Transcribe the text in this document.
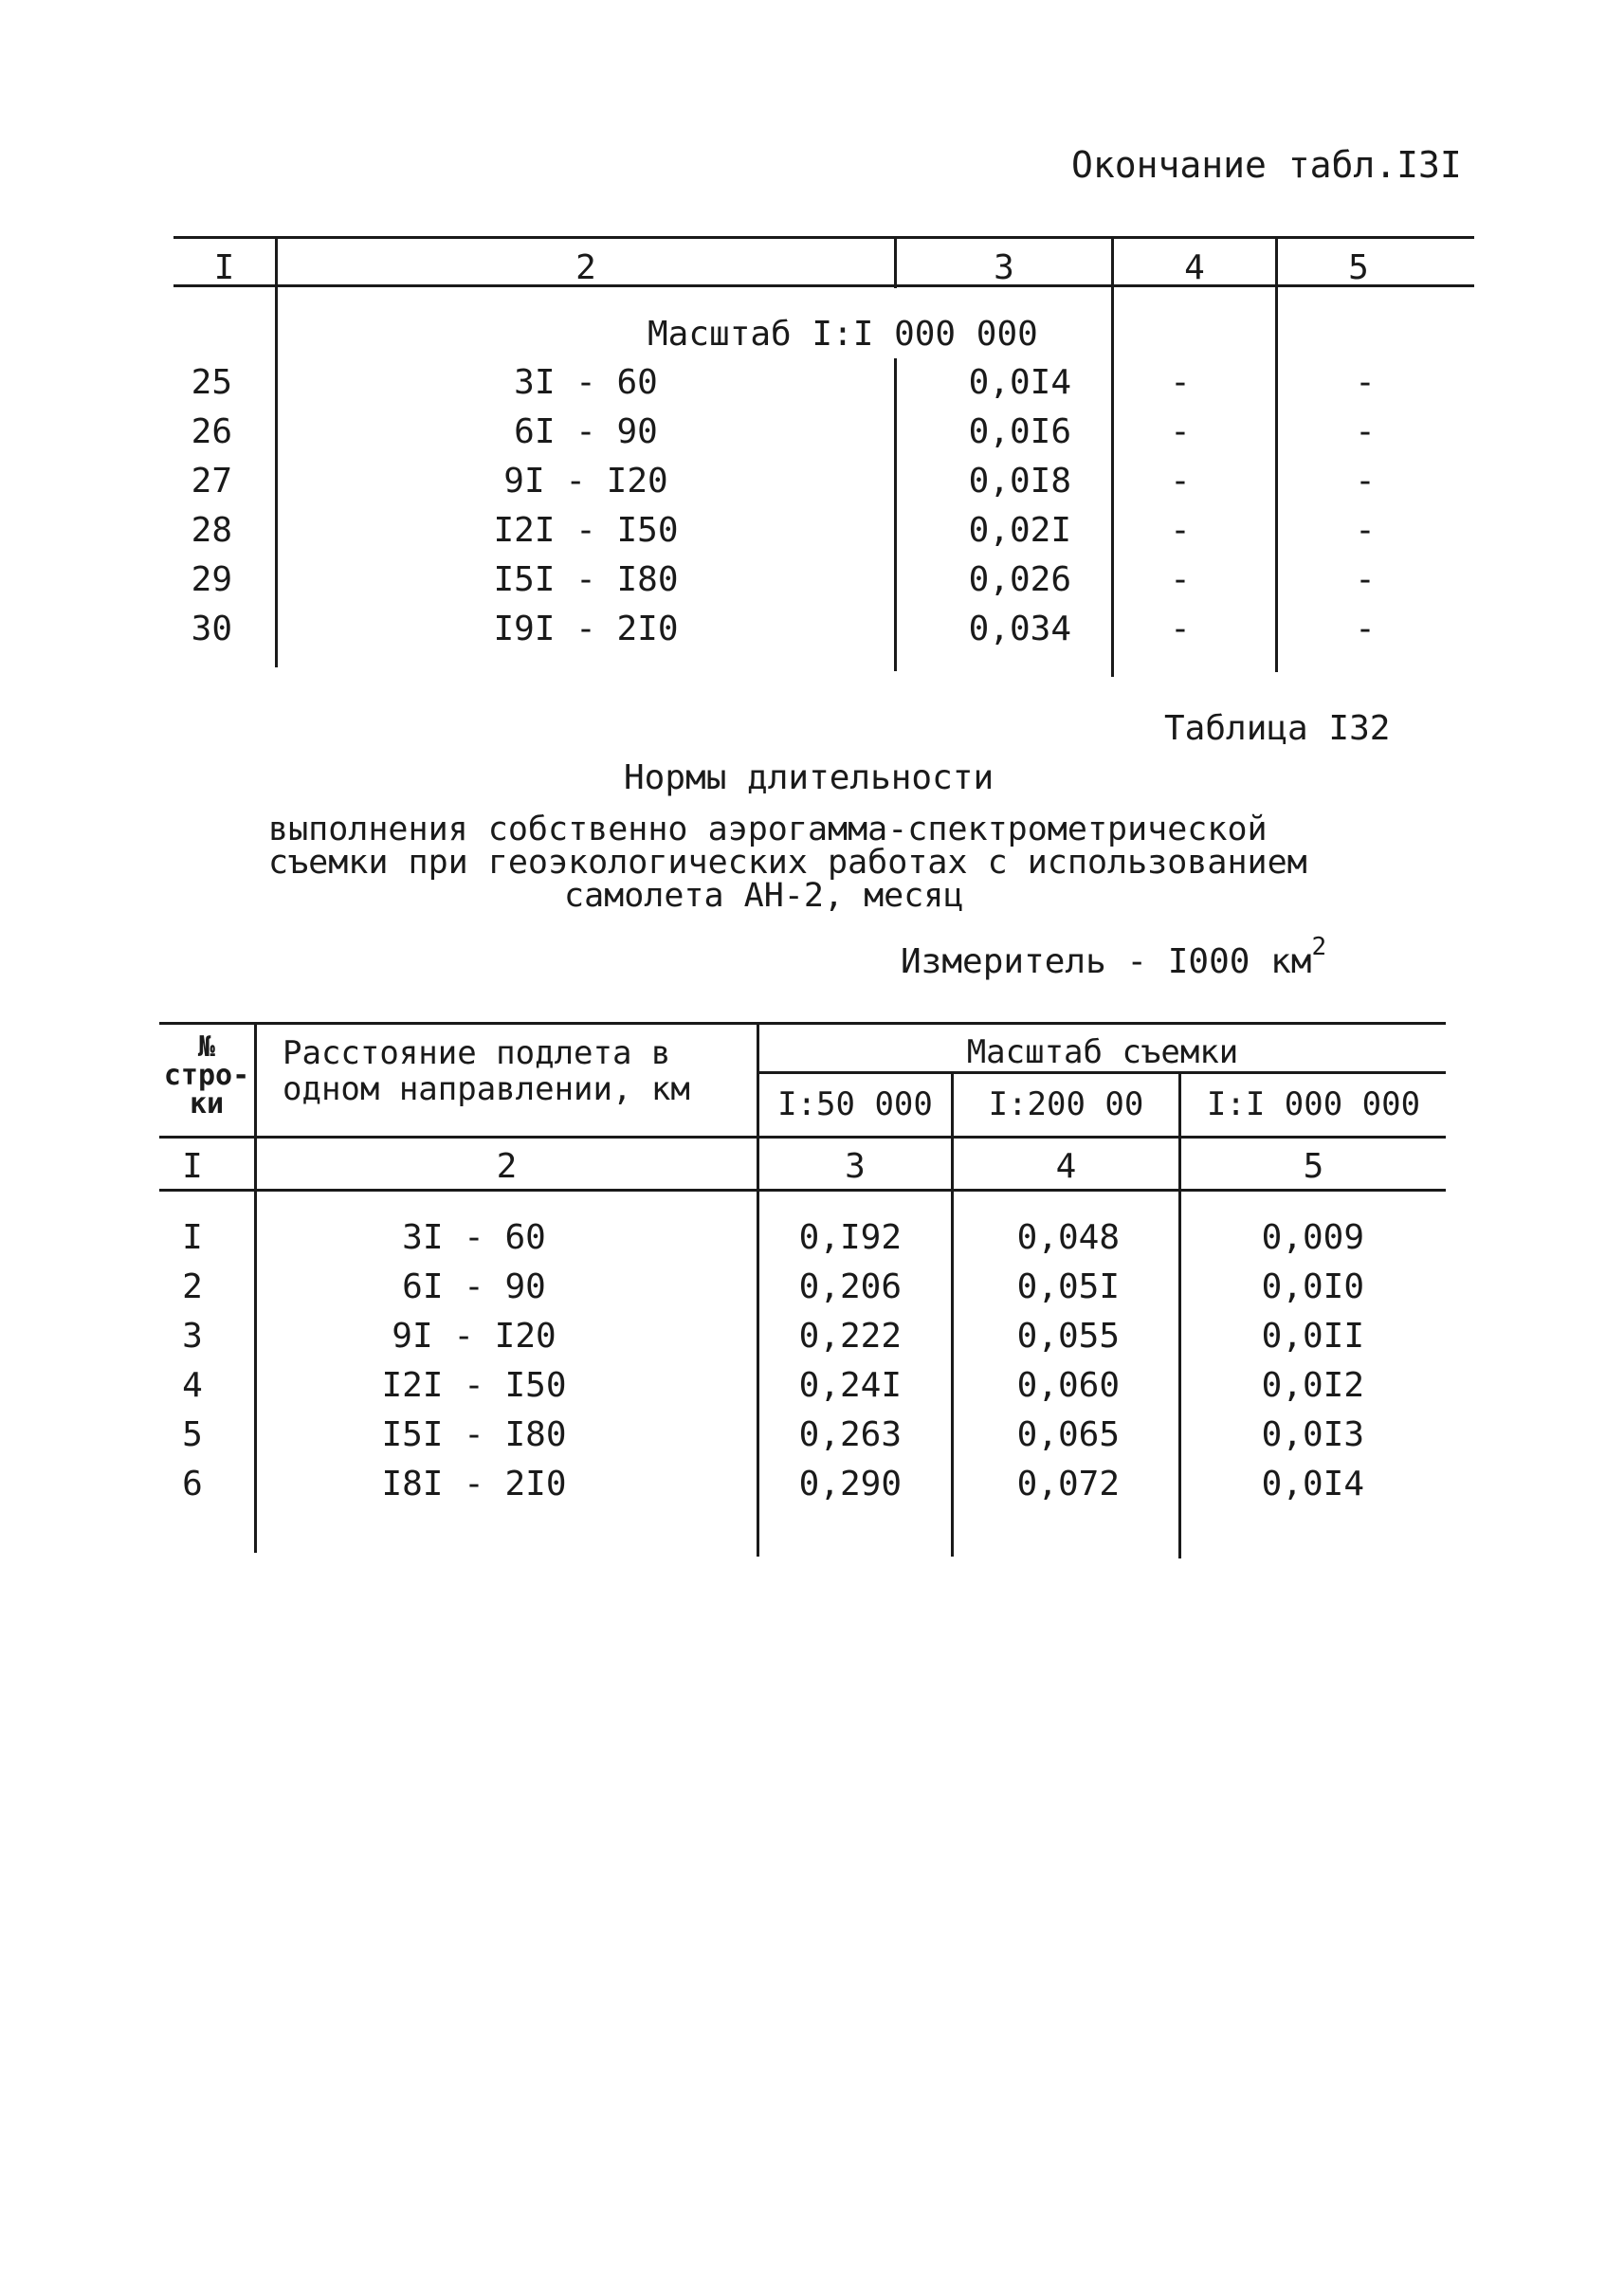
Окончание табл.I3I
I	2	3	4	5
Масштаб I:I 000 000
25	3I - 60	0,0I4	-	-
26	6I - 90	0,0I6	-	-
27	9I - I20	0,0I8	-	-
28	I2I - I50	0,02I	-	-
29	I5I - I80	0,026	-	-
30	I9I - 2I0	0,034	-	-
Таблица I32
Нормы длительности
выполнения собственно аэрогамма-спектрометрической
съемки при геоэкологических работах с использованием
самолета АН-2, месяц
Измеритель - I000 $км^2$
№
стро-
ки
Расстояние подлета в
одном направлении, км
Масштаб съемки
I:50 000	I:200 00	I:I 000 000
I	2	3	4	5
I	3I - 60	0,I92	0,048	0,009
2	6I - 90	0,206	0,05I	0,0I0
3	9I - I20	0,222	0,055	0,0II
4	I2I - I50	0,24I	0,060	0,0I2
5	I5I - I80	0,263	0,065	0,0I3
6	I8I - 2I0	0,290	0,072	0,0I4
